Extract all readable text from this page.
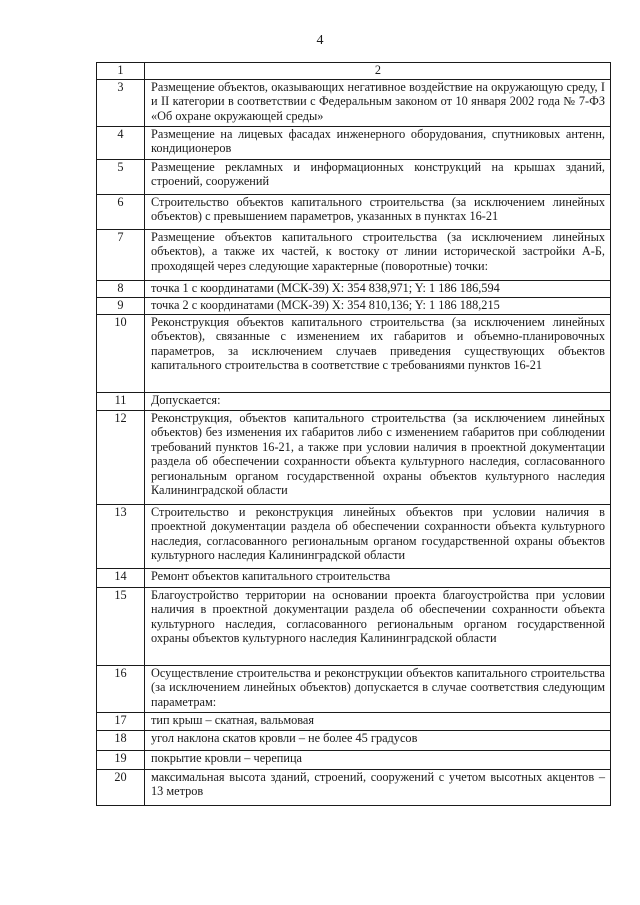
4
1	2
3	Размещение объектов, оказывающих негативное воздействие на окружающую среду, I и II категории в соответствии с Федеральным законом от 10 января 2002 года № 7-ФЗ «Об охране окружающей среды»
4	Размещение на лицевых фасадах инженерного оборудования, спутниковых антенн, кондиционеров
5	Размещение рекламных и информационных конструкций на крышах зданий, строений, сооружений
6	Строительство объектов капитального строительства (за исключением линейных объектов) с превышением параметров, указанных в пунктах 16-21
7	Размещение объектов капитального строительства (за исключением линейных объектов), а также их частей, к востоку от линии исторической застройки А-Б, проходящей через следующие характерные (поворотные) точки:
8	точка 1 с координатами (МСК-39) X: 354 838,971; Y: 1 186 186,594
9	точка 2 с координатами (МСК-39) X: 354 810,136; Y: 1 186 188,215
10	Реконструкция объектов капитального строительства (за исключением линейных объектов), связанные с изменением их габаритов и объемно-планировочных параметров, за исключением случаев приведения существующих объектов капитального строительства в соответствие с требованиями пунктов 16-21
11	Допускается:
12	Реконструкция, объектов капитального строительства (за исключением линейных объектов) без изменения их габаритов либо с изменением габаритов при соблюдении требований пунктов 16-21, а также при условии наличия в проектной документации раздела об обеспечении сохранности объекта культурного наследия, согласованного региональным органом государственной охраны объектов культурного наследия Калининградской области
13	Строительство и реконструкция линейных объектов при условии наличия в проектной документации раздела об обеспечении сохранности объекта культурного наследия, согласованного региональным органом государственной охраны объектов культурного наследия Калининградской области
14	Ремонт объектов капитального строительства
15	Благоустройство территории на основании проекта благоустройства при условии наличия в проектной документации раздела об обеспечении сохранности объекта культурного наследия, согласованного региональным органом государственной охраны объектов культурного наследия Калининградской области
16	Осуществление строительства и реконструкции объектов капитального строительства (за исключением линейных объектов) допускается в случае соответствия следующим параметрам:
17	тип крыш – скатная, вальмовая
18	угол наклона скатов кровли – не более 45 градусов
19	покрытие кровли – черепица
20	максимальная высота зданий, строений, сооружений с учетом высотных акцентов – 13 метров
